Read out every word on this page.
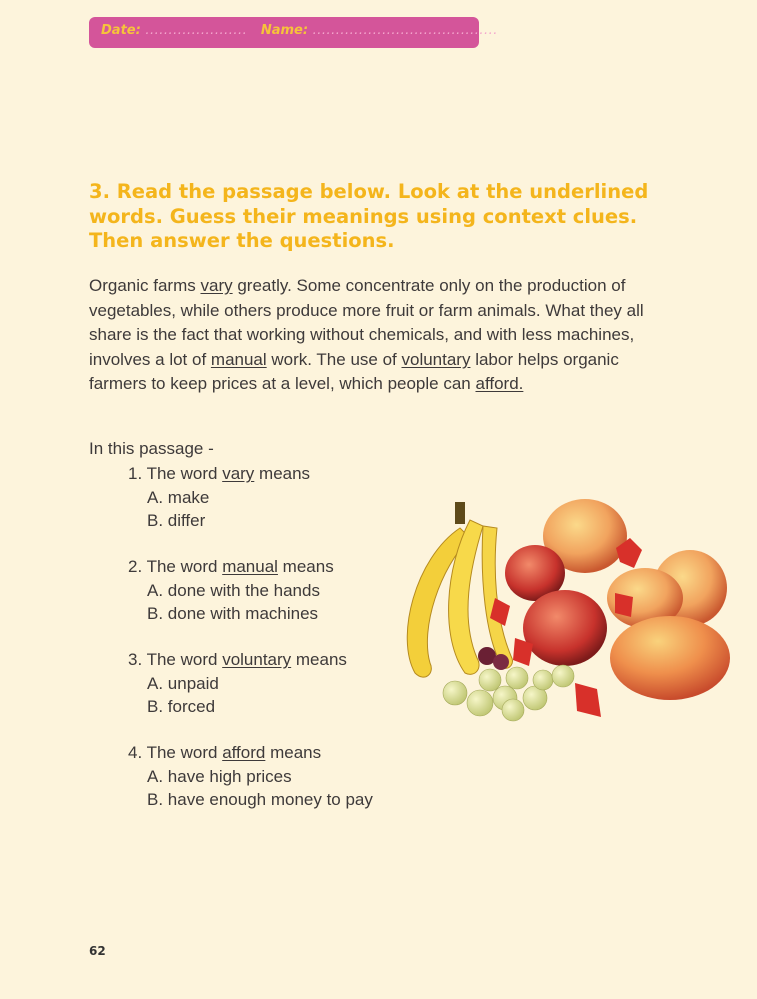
Date: ...................... Name: ........................................
3. Read the passage below. Look at the underlined words. Guess their meanings using context clues. Then answer the questions.
Organic farms vary greatly. Some concentrate only on the production of vegetables, while others produce more fruit or farm animals. What they all share is the fact that working without chemicals, and with less machines, involves a lot of manual work. The use of voluntary labor helps organic farmers to keep prices at a level, which people can afford.
In this passage -
1. The word vary means
A. make
B. differ
2. The word manual means
A. done with the hands
B. done with machines
3. The word voluntary means
A. unpaid
B. forced
4. The word afford means
A. have high prices
B. have enough money to pay
62
